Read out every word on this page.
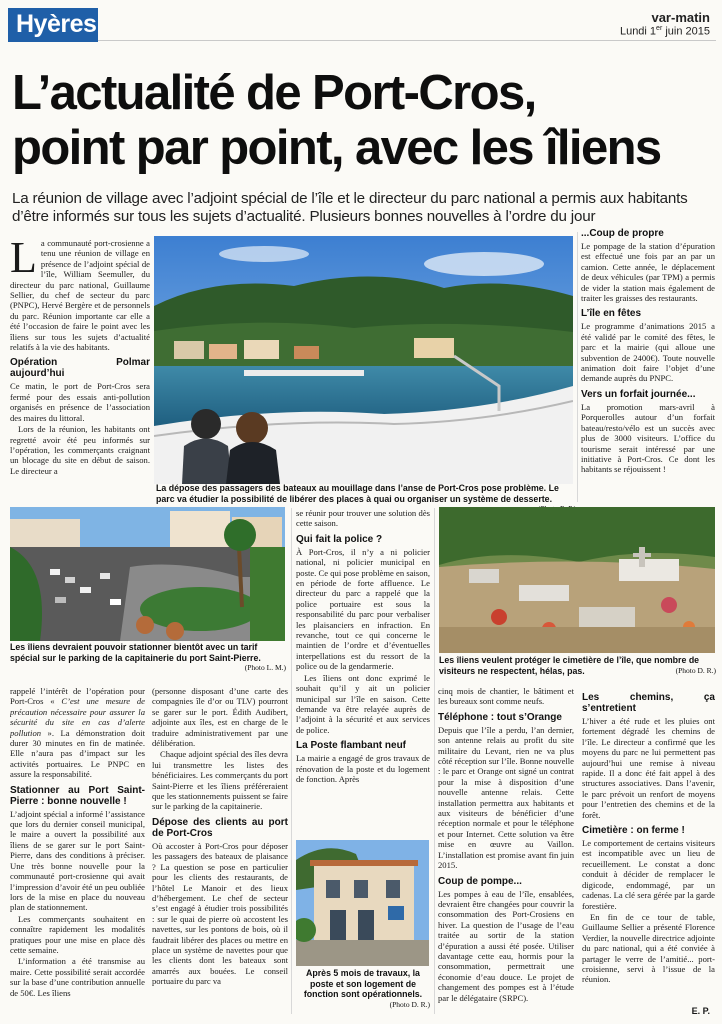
Hyères	var-matin
Lundi 1er juin 2015
L’actualité de Port-Cros,
point par point, avec les îliens
La réunion de village avec l’adjoint spécial de l’île et le directeur du parc national a permis aux habitants d’être informés sur tous les sujets d’actualité. Plusieurs bonnes nouvelles à l’ordre du jour

La communauté port-crosienne a tenu une réunion de village en présence de l’adjoint spécial de l’île, William Seemuller, du directeur du parc national, Guillaume Sellier, du chef de secteur du parc (PNPC), Hervé Bergère et de personnels du parc. Réunion importante car elle a été l’occasion de faire le point avec les îliens sur tous les sujets d’actualité relatifs à la vie des habitants.

Opération Polmar aujourd’hui

Ce matin, le port de Port-Cros sera fermé pour des essais anti-pollution organisés en présence de l’association des maires du littoral.

Lors de la réunion, les habitants ont regretté avoir été peu informés sur l’opération, les commerçants craignant un blocage du site en début de saison. Le directeur a

La dépose des passagers des bateaux au mouillage dans l’anse de Port-Cros pose problème. Le parc va étudier la possibilité de libérer des places à quai ou organiser un système de desserte.
...Coup de propre

Le pompage de la station d’épuration est effectué une fois par an par un camion. Cette année, le déplacement de deux véhicules (par TPM) a permis de vider la station mais également de traiter les graisses des restaurants.

L’île en fêtes

Le programme d’animations 2015 a été validé par le comité des fêtes, le parc et la mairie (qui alloue une subvention de 2400€). Toute nouvelle animation doit faire l’objet d’une demande auprès du PNPC.

Vers un forfait journée...

La promotion mars-avril à Porquerolles autour d’un forfait bateau/resto/vélo est un succès avec plus de 3000 visiteurs. L’office du tourisme serait intéressé par une initiative à Port-Cros. Ce dont les habitants se réjouissent !

Les îliens devraient pouvoir stationner bientôt avec un tarif spécial sur le parking de la capitainerie du port Saint-Pierre.
(Photo L. M.)
Les îliens veulent protéger le cimetière de l’île, que nombre de visiteurs ne respectent, hélas, pas.	(Photo D. R.)

se réunir pour trouver une solution dès cette saison.

Qui fait la police ?

À Port-Cros, il n’y a ni policier national, ni policier municipal en poste. Ce qui pose problème en saison, en période de forte affluence. Le directeur du parc a rappelé que la police portuaire est sous la responsabilité du parc pour verbaliser les plaisanciers en infraction. En revanche, tout ce qui concerne le maintien de l’ordre et d’éventuelles interpellations est du ressort de la police ou de la gendarmerie.

Les îliens ont donc exprimé le souhait qu’il y ait un policier municipal sur l’île en saison. Cette demande va être relayée auprès de l’adjoint à la sécurité et aux services de police.

La Poste flambant neuf

La mairie a engagé de gros travaux de rénovation de la poste et du logement de fonction. Après

Après 5 mois de travaux, la poste et son logement de fonction sont opérationnels.
(Photo D. R.)

rappelé l’intérêt de l’opération pour Port-Cros « C’est une mesure de précaution nécessaire pour assurer la sécurité du site en cas d’alerte pollution ». La démonstration doit durer 30 minutes en fin de matinée. Elle n’aura pas d’impact sur les activités portuaires. Le PNPC en assure la responsabilité.

Stationner au Port Saint-Pierre : bonne nouvelle !

L’adjoint spécial a informé l’assistance que lors du dernier conseil municipal, le maire a ouvert la possibilité aux îliens de se garer sur le port Saint-Pierre, dans des conditions à préciser. Une très bonne nouvelle pour la communauté port-crosienne qui avait l’impression d’avoir été un peu oubliée lors de la mise en place du nouveau plan de stationnement.

Les commerçants souhaitent en connaître rapidement les modalités pratiques pour une mise en place dès cette semaine.

L’information a été transmise au maire. Cette possibilité serait accordée sur la base d’une contribution annuelle de 50€. Les îliens

(personne disposant d’une carte des compagnies île d’or ou TLV) pourront se garer sur le port. Édith Audibert, adjointe aux îles, est en charge de le traduire administrativement par une délibération.

Chaque adjoint spécial des îles devra lui transmettre les listes des bénéficiaires. Les commerçants du port Saint-Pierre et les îliens préféreraient que les stationnements puissent se faire sur le parking de la capitainerie.

Dépose des clients au port de Port-Cros

Où accoster à Port-Cros pour déposer les passagers des bateaux de plaisance ? La question se pose en particulier pour les clients des restaurants, de l’hôtel Le Manoir et des lieux d’hébergement. Le chef de secteur s’est engagé à étudier trois possibilités : sur le quai de pierre où accostent les navettes, sur les pontons de bois, où il faudrait libérer des places ou mettre en place un système de navettes pour que les clients dont les bateaux sont amarrés aux bouées. Le conseil portuaire du parc va

cinq mois de chantier, le bâtiment et les bureaux sont comme neufs.

Téléphone : tout s’Orange

Depuis que l’île a perdu, l’an dernier, son antenne relais au profit du site militaire du Levant, rien ne va plus côté réception sur l’île. Bonne nouvelle : le parc et Orange ont signé un contrat pour la mise à disposition d’une nouvelle antenne relais. Cette installation permettra aux habitants et aux visiteurs de bénéficier d’une réception normale et pour le téléphone et pour Internet. Cette solution va être mise en œuvre au Vaillon. L’installation est promise avant fin juin 2015.

Coup de pompe...

Les pompes à eau de l’île, ensablées, devraient être changées pour couvrir la consommation des Port-Crosiens en hiver. La question de l’usage de l’eau traitée au sortir de la station d’épuration a aussi été posée. Utiliser davantage cette eau, hormis pour la consommation, permettrait une économie d’eau douce. Le projet de changement des pompes est à l’étude par le délégataire (SRPC).

Les chemins, ça s’entretient

L’hiver a été rude et les pluies ont fortement dégradé les chemins de l’île. Le directeur a confirmé que les moyens du parc ne lui permettent pas aujourd’hui une remise à niveau rapide. Il a donc été fait appel à des structures associatives. Dans l’avenir, le parc prévoit un renfort de moyens pour l’entretien des chemins et de la forêt.

Cimetière : on ferme !

Le comportement de certains visiteurs est incompatible avec un lieu de recueillement. Le constat a donc conduit à décider de remplacer le digicode, endommagé, par un cadenas. La clé sera gérée par la garde forestière.

En fin de ce tour de table, Guillaume Sellier a présenté Florence Verdier, la nouvelle directrice adjointe du parc national, qui a été conviée à partager le verre de l’amitié... port-croisienne, servi à l’issue de la réunion.

E. P.
